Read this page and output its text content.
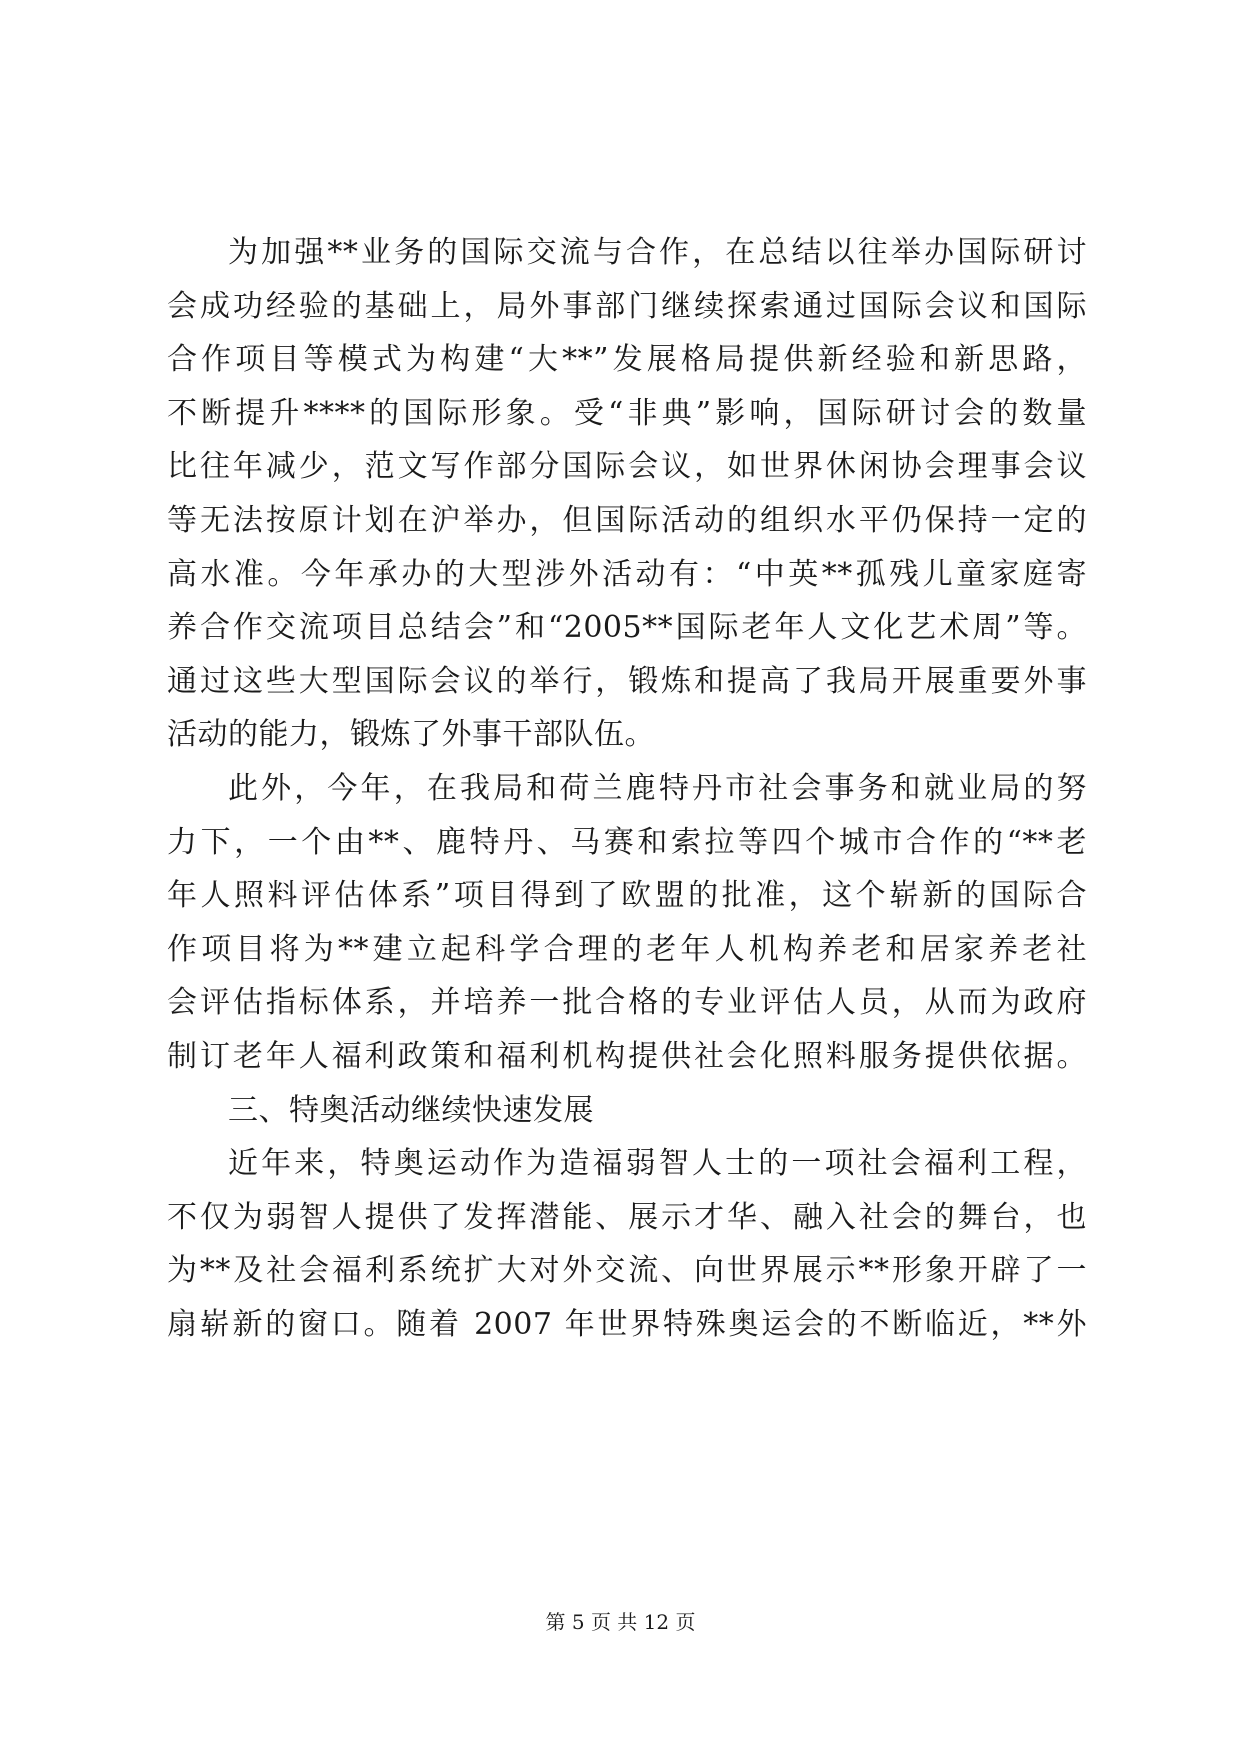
为加强**业务的国际交流与合作，在总结以往举办国际研讨
会成功经验的基础上，局外事部门继续探索通过国际会议和国际
合作项目等模式为构建“大**”发展格局提供新经验和新思路，
不断提升****的国际形象。受“非典”影响，国际研讨会的数量
比往年减少，范文写作部分国际会议，如世界休闲协会理事会议
等无法按原计划在沪举办，但国际活动的组织水平仍保持一定的
高水准。今年承办的大型涉外活动有：“中英**孤残儿童家庭寄
养合作交流项目总结会”和“2005**国际老年人文化艺术周”等。
通过这些大型国际会议的举行，锻炼和提高了我局开展重要外事
活动的能力，锻炼了外事干部队伍。
此外，今年，在我局和荷兰鹿特丹市社会事务和就业局的努
力下，一个由**、鹿特丹、马赛和索拉等四个城市合作的“**老
年人照料评估体系”项目得到了欧盟的批准，这个崭新的国际合
作项目将为**建立起科学合理的老年人机构养老和居家养老社
会评估指标体系，并培养一批合格的专业评估人员，从而为政府
制订老年人福利政策和福利机构提供社会化照料服务提供依据。
三、特奥活动继续快速发展
近年来，特奥运动作为造福弱智人士的一项社会福利工程，
不仅为弱智人提供了发挥潜能、展示才华、融入社会的舞台，也
为**及社会福利系统扩大对外交流、向世界展示**形象开辟了一
扇崭新的窗口。随着 2007 年世界特殊奥运会的不断临近，**外
第 5 页 共 12 页
